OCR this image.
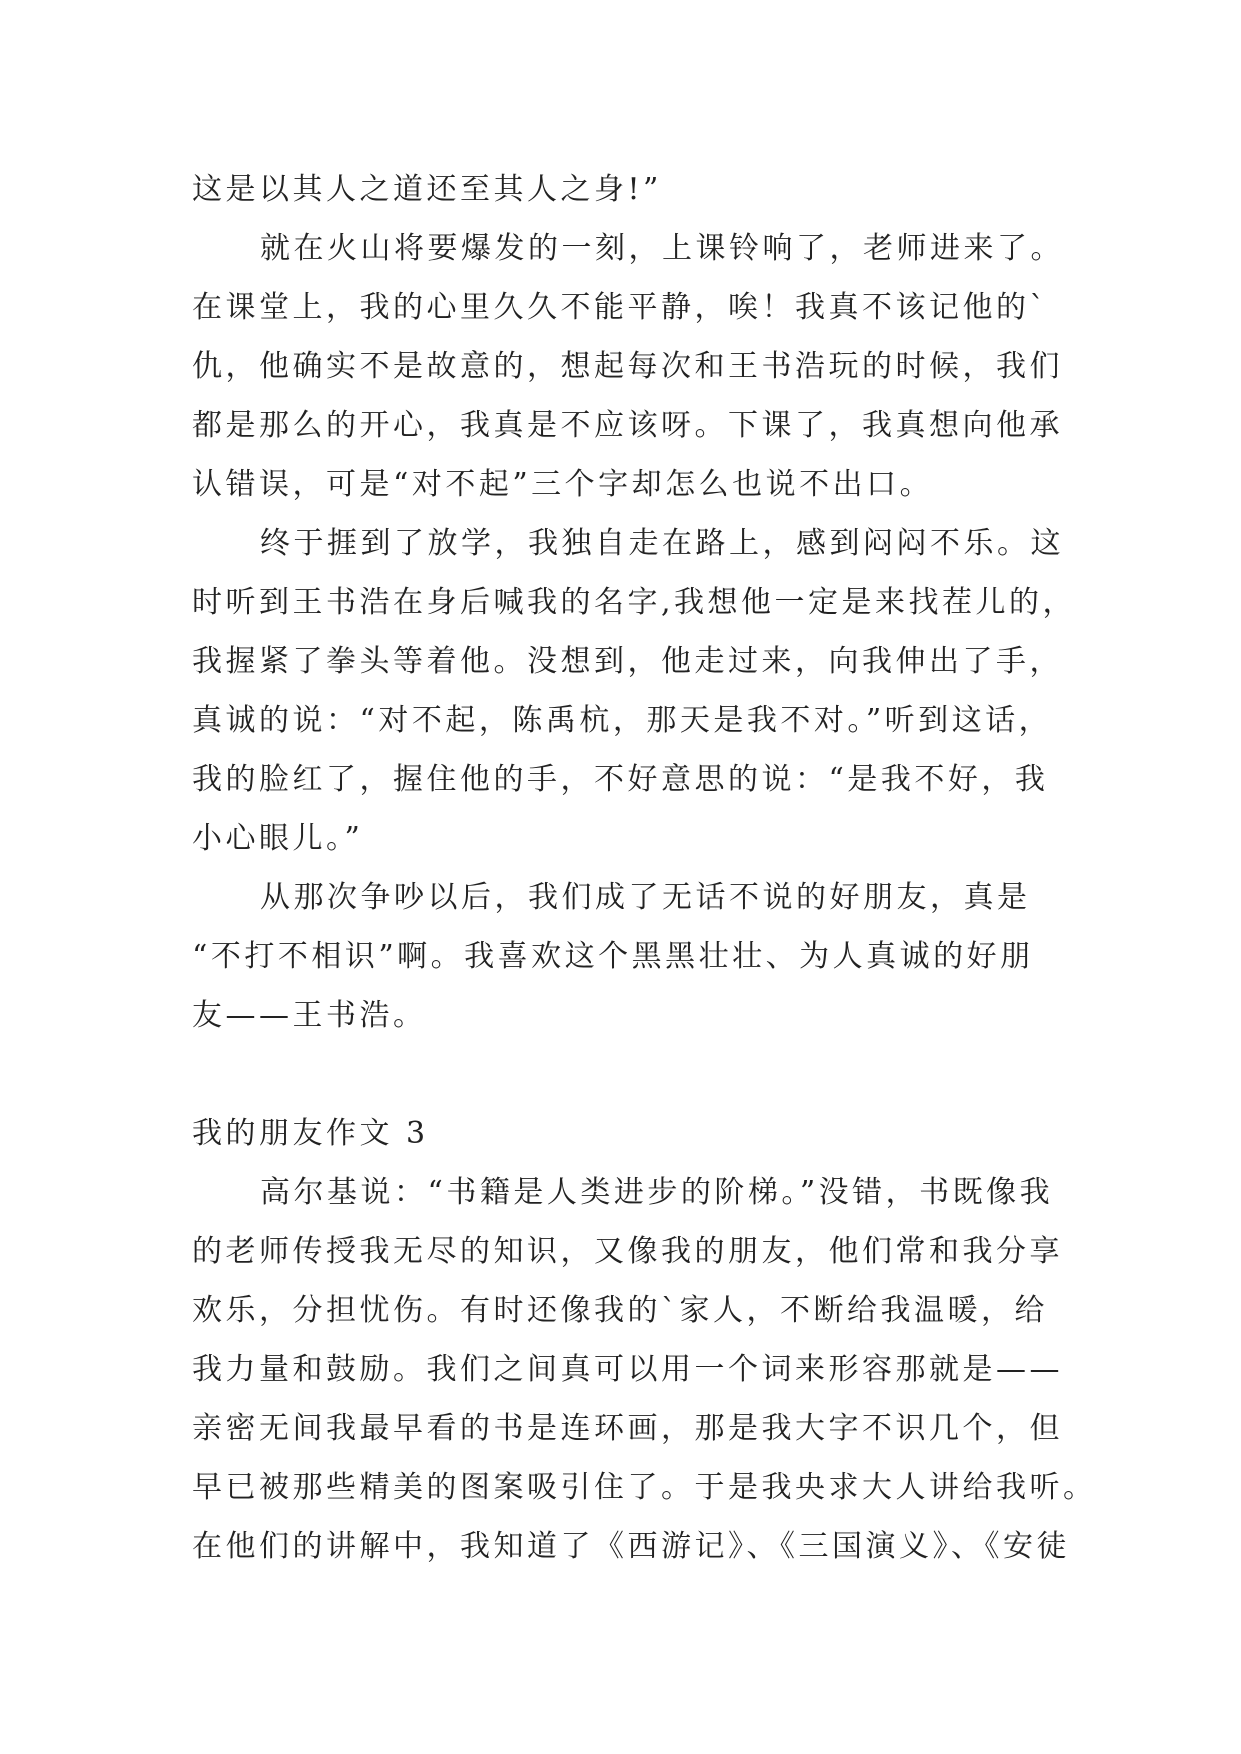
这是以其人之道还至其人之身!”
就在火山将要爆发的一刻，上课铃响了，老师进来了。
在课堂上，我的心里久久不能平静，唉！我真不该记他的`
仇，他确实不是故意的，想起每次和王书浩玩的时候，我们
都是那么的开心，我真是不应该呀。下课了，我真想向他承
认错误，可是“对不起”三个字却怎么也说不出口。
终于捱到了放学，我独自走在路上，感到闷闷不乐。这
时听到王书浩在身后喊我的名字,我想他一定是来找茬儿的，
我握紧了拳头等着他。没想到，他走过来，向我伸出了手，
真诚的说：“对不起，陈禹杭，那天是我不对。”听到这话，
我的脸红了，握住他的手，不好意思的说：“是我不好，我
小心眼儿。”
从那次争吵以后，我们成了无话不说的好朋友，真是
“不打不相识”啊。我喜欢这个黑黑壮壮、为人真诚的好朋
友——王书浩。
我的朋友作文 3
高尔基说：“书籍是人类进步的阶梯。”没错，书既像我
的老师传授我无尽的知识，又像我的朋友，他们常和我分享
欢乐，分担忧伤。有时还像我的`家人，不断给我温暖，给
我力量和鼓励。我们之间真可以用一个词来形容那就是——
亲密无间我最早看的书是连环画，那是我大字不识几个，但
早已被那些精美的图案吸引住了。于是我央求大人讲给我听。
在他们的讲解中，我知道了《西游记》、《三国演义》、《安徒
